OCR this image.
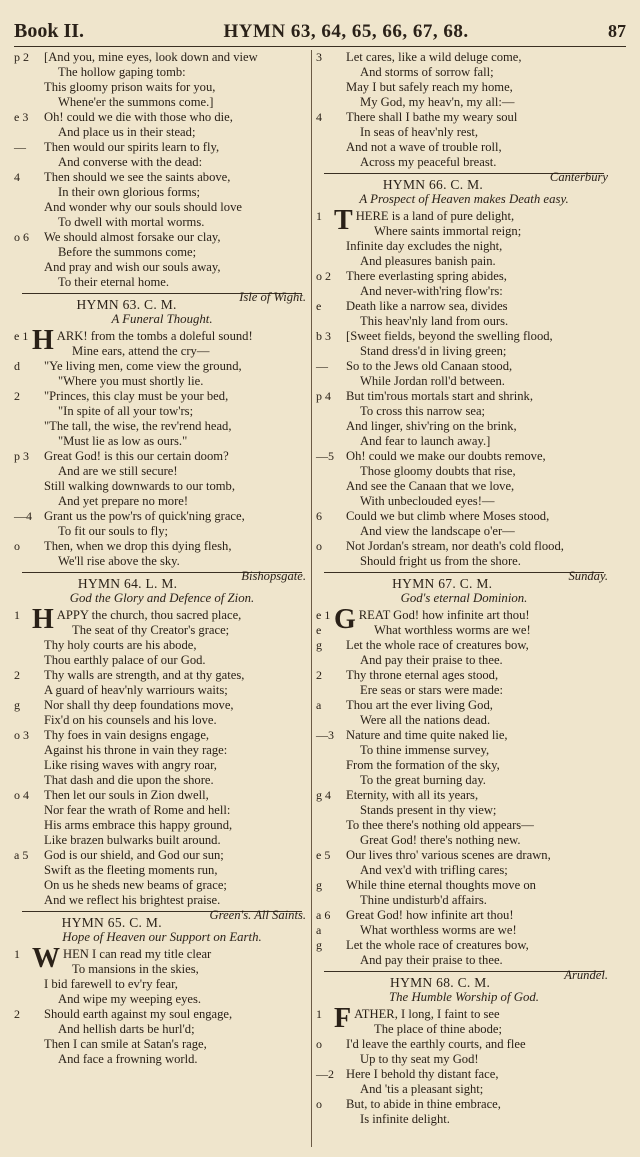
Book II.	HYMN 63, 64, 65, 66, 67, 68.	87
p 2	[And you, mine eyes, look down and view
The hollow gaping tomb:
This gloomy prison waits for you,
Whene'er the summons come.]
e 3	Oh! could we die with those who die,
And place us in their stead;
—	Then would our spirits learn to fly,
And converse with the dead:
4	Then should we see the saints above,
In their own glorious forms;
And wonder why our souls should love
To dwell with mortal worms.
o 6	We should almost forsake our clay,
Before the summons come;
And pray and wish our souls away,
To their eternal home.
Isle of Wight.
HYMN 63. C. M.
A Funeral Thought.
e 1 H ARK! from the tombs a doleful sound!
Mine ears, attend the cry—
d	"Ye living men, come view the ground,
"Where you must shortly lie.
2	"Princes, this clay must be your bed,
"In spite of all your tow'rs;
"The tall, the wise, the rev'rend head,
"Must lie as low as ours."
p 3	Great God! is this our certain doom?
And are we still secure!
Still walking downwards to our tomb,
And yet prepare no more!
—4 Grant us the pow'rs of quick'ning grace,
To fit our souls to fly;
o	Then, when we drop this dying flesh,
We'll rise above the sky.
Bishopsgate.
HYMN 64. L. M.
God the Glory and Defence of Zion.
1 H APPY the church, thou sacred place,
The seat of thy Creator's grace;
Thy holy courts are his abode,
Thou earthly palace of our God.
2	Thy walls are strength, and at thy gates,
A guard of heav'nly warriours waits;
g	Nor shall thy deep foundations move,
Fix'd on his counsels and his love.
o 3	Thy foes in vain designs engage,
Against his throne in vain they rage:
Like rising waves with angry roar,
That dash and die upon the shore.
o 4	Then let our souls in Zion dwell,
Nor fear the wrath of Rome and hell:
His arms embrace this happy ground,
Like brazen bulwarks built around.
a 5	God is our shield, and God our sun;
Swift as the fleeting moments run,
On us he sheds new beams of grace;
And we reflect his brightest praise.
Green's. All Saints.
HYMN 65. C. M.
Hope of Heaven our Support on Earth.
1 W HEN I can read my title clear
To mansions in the skies,
I bid farewell to ev'ry fear,
And wipe my weeping eyes.
2	Should earth against my soul engage,
And hellish darts be hurl'd;
Then I can smile at Satan's rage,
And face a frowning world.
3	Let cares, like a wild deluge come,
And storms of sorrow fall;
May I but safely reach my home,
My God, my heav'n, my all:—
4	There shall I bathe my weary soul
In seas of heav'nly rest,
And not a wave of trouble roll,
Across my peaceful breast.
Canterbury
HYMN 66. C. M.
A Prospect of Heaven makes Death easy.
1 T HERE is a land of pure delight,
Where saints immortal reign;
Infinite day excludes the night,
And pleasures banish pain.
o 2	There everlasting spring abides,
And never-with'ring flow'rs:
e	Death like a narrow sea, divides
This heav'nly land from ours.
b 3	[Sweet fields, beyond the swelling flood,
Stand dress'd in living green;
—	So to the Jews old Canaan stood,
While Jordan roll'd between.
p 4	But tim'rous mortals start and shrink,
To cross this narrow sea;
And linger, shiv'ring on the brink,
And fear to launch away.]
—5 Oh! could we make our doubts remove,
Those gloomy doubts that rise,
And see the Canaan that we love,
With unbeclouded eyes!—
6	Could we but climb where Moses stood,
And view the landscape o'er—
o	Not Jordan's stream, nor death's cold flood,
Should fright us from the shore.
Sunday.
HYMN 67. C. M.
God's eternal Dominion.
e 1 G REAT God! how infinite art thou!
e	What worthless worms are we!
g	Let the whole race of creatures bow,
And pay their praise to thee.
2	Thy throne eternal ages stood,
Ere seas or stars were made:
a	Thou art the ever living God,
Were all the nations dead.
—3 Nature and time quite naked lie,
To thine immense survey,
From the formation of the sky,
To the great burning day.
g 4	Eternity, with all its years,
Stands present in thy view;
To thee there's nothing old appears—
Great God! there's nothing new.
e 5	Our lives thro' various scenes are drawn,
And vex'd with trifling cares;
g	While thine eternal thoughts move on
Thine undisturb'd affairs.
a 6	Great God! how infinite art thou!
a	What worthless worms are we!
g	Let the whole race of creatures bow,
And pay their praise to thee.
Arundel.
HYMN 68. C. M.
The Humble Worship of God.
1 F ATHER, I long, I faint to see
The place of thine abode;
o	I'd leave the earthly courts, and flee
Up to thy seat my God!
—2 Here I behold thy distant face,
And 'tis a pleasant sight;
o	But, to abide in thine embrace,
Is infinite delight.
